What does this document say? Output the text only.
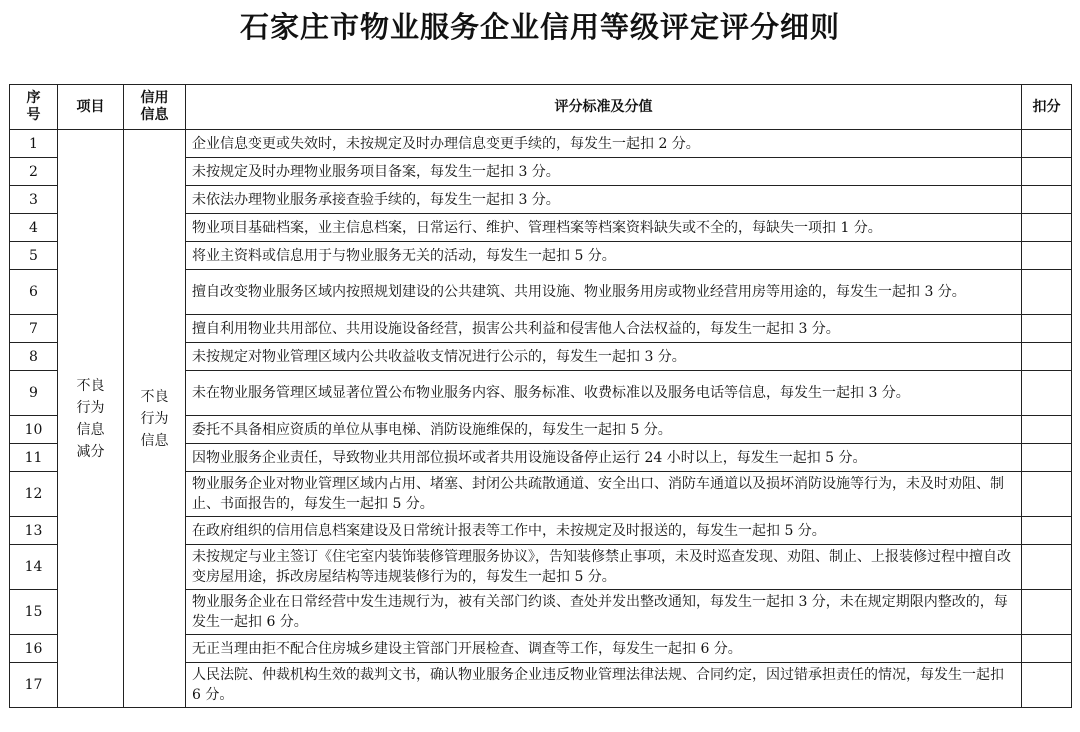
石家庄市物业服务企业信用等级评定评分细则
序号	项目	信用信息	评分标准及分值	扣分
1	不良行为信息减分	不良行为信息	企业信息变更或失效时，未按规定及时办理信息变更手续的，每发生一起扣 2 分。	

2			未按规定及时办理物业服务项目备案，每发生一起扣 3 分。	

3			未依法办理物业服务承接查验手续的，每发生一起扣 3 分。	

4			物业项目基础档案，业主信息档案，日常运行、维护、管理档案等档案资料缺失或不全的，每缺失一项扣 1 分。	

5			将业主资料或信息用于与物业服务无关的活动，每发生一起扣 5 分。	

6			擅自改变物业服务区域内按照规划建设的公共建筑、共用设施、物业服务用房或物业经营用房等用途的，每发生一起扣 3 分。	

7			擅自利用物业共用部位、共用设施设备经营，损害公共利益和侵害他人合法权益的，每发生一起扣 3 分。	

8			未按规定对物业管理区域内公共收益收支情况进行公示的，每发生一起扣 3 分。	

9			未在物业服务管理区域显著位置公布物业服务内容、服务标准、收费标准以及服务电话等信息，每发生一起扣 3 分。	

10			委托不具备相应资质的单位从事电梯、消防设施维保的，每发生一起扣 5 分。	

11			因物业服务企业责任，导致物业共用部位损坏或者共用设施设备停止运行 24 小时以上，每发生一起扣 5 分。	

12			物业服务企业对物业管理区域内占用、堵塞、封闭公共疏散通道、安全出口、消防车通道以及损坏消防设施等行为，未及时劝阻、制止、书面报告的，每发生一起扣 5 分。	

13			在政府组织的信用信息档案建设及日常统计报表等工作中，未按规定及时报送的，每发生一起扣 5 分。	

14			未按规定与业主签订《住宅室内装饰装修管理服务协议》，告知装修禁止事项，未及时巡查发现、劝阻、制止、上报装修过程中擅自改变房屋用途，拆改房屋结构等违规装修行为的，每发生一起扣 5 分。	

15			物业服务企业在日常经营中发生违规行为，被有关部门约谈、查处并发出整改通知，每发生一起扣 3 分，未在规定期限内整改的，每发生一起扣 6 分。	

16			无正当理由拒不配合住房城乡建设主管部门开展检查、调查等工作，每发生一起扣 6 分。	

17			人民法院、仲裁机构生效的裁判文书，确认物业服务企业违反物业管理法律法规、合同约定，因过错承担责任的情况，每发生一起扣 6 分。	
